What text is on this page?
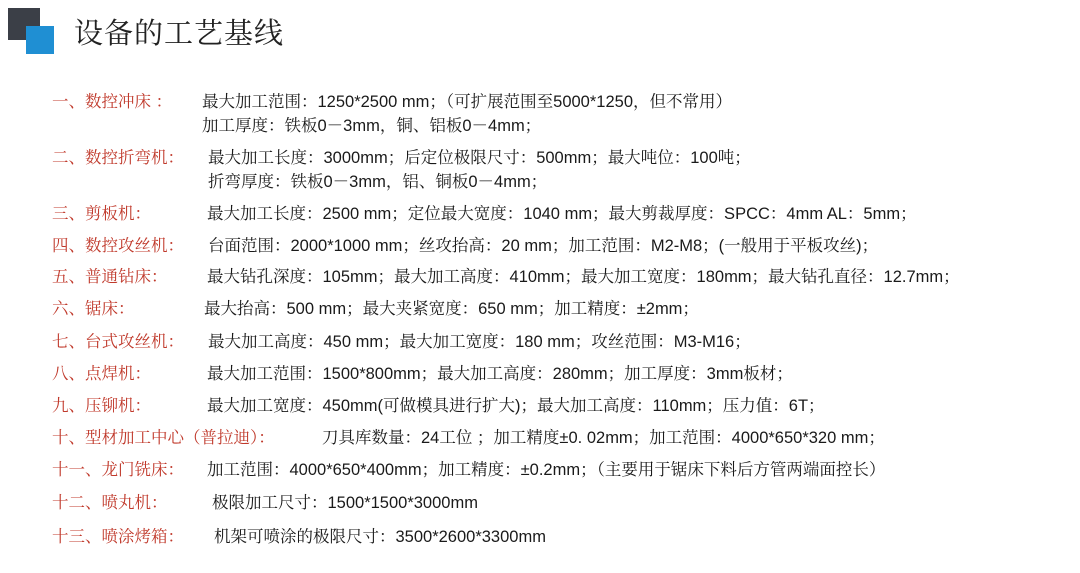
设备的工艺基线
一、数控冲床 ： 最大加工范围：1250*2500 mm；（可扩展范围至5000*1250，但不常用）
加工厚度：铁板0－3mm，铜、铝板0－4mm；
二、数控折弯机： 最大加工长度：3000mm；后定位极限尺寸：500mm；最大吨位：100吨；
折弯厚度：铁板0－3mm，铝、铜板0－4mm；
三、剪板机：	最大加工长度：2500 mm；定位最大宽度：1040 mm；最大剪裁厚度：SPCC：4mm AL：5mm；
四、数控攻丝机： 台面范围：2000*1000 mm；丝攻抬高：20 mm；加工范围：M2-M8；(一般用于平板攻丝)；
五、普通钻床： 最大钻孔深度：105mm；最大加工高度：410mm；最大加工宽度：180mm；最大钻孔直径：12.7mm；
六、锯床：	最大抬高：500 mm；最大夹紧宽度：650 mm；加工精度：±2mm；
七、台式攻丝机： 最大加工高度：450 mm；最大加工宽度：180 mm；攻丝范围：M3-M16；
八、点焊机：	最大加工范围：1500*800mm；最大加工高度：280mm；加工厚度：3mm板材；
九、压铆机：	最大加工宽度：450mm(可做模具进行扩大)；最大加工高度：110mm；压力值：6T；
十、型材加工中心（普拉迪）：	刀具库数量：24工位 ；加工精度±0. 02mm；加工范围：4000*650*320 mm；
十一、龙门铣床： 加工范围：4000*650*400mm；加工精度：±0.2mm；（主要用于锯床下料后方管两端面控长）
十二、喷丸机：	极限加工尺寸：1500*1500*3000mm
十三、喷涂烤箱： 机架可喷涂的极限尺寸：3500*2600*3300mm
